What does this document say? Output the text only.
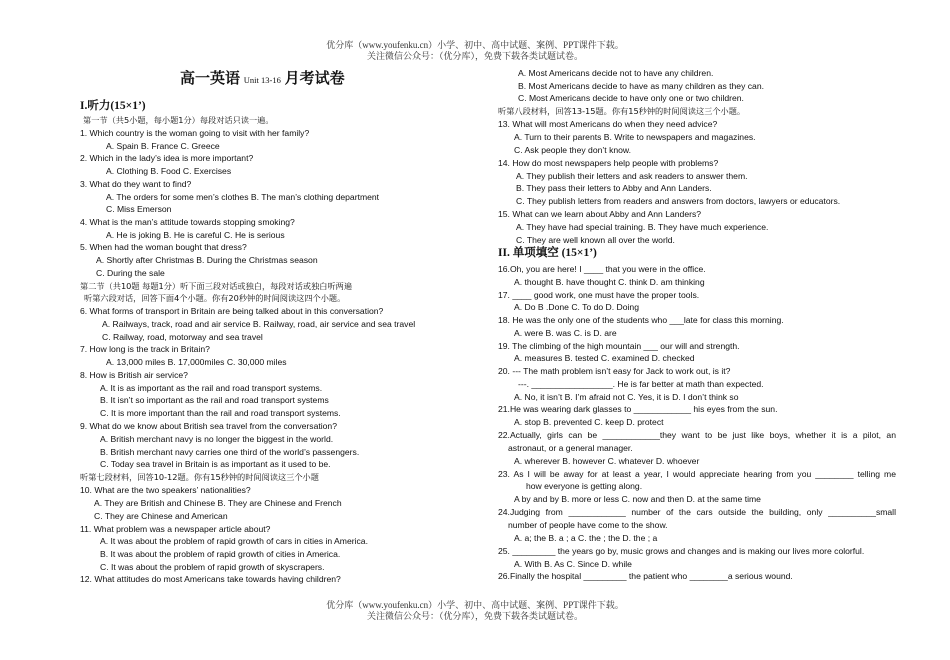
优分库（www.youfenku.cn）小学、初中、高中试题、案例、PPT课件下载。
关注微信公众号：（优分库），免费下载各类试题试卷。
高一英语 Unit 13-16 月考试卷
I.听力(15×1’)
第一节（共5小题，每小题1分）每段对话只读一遍。
1. Which country is the woman going to visit with her family?
A. Spain B. France C. Greece
2. Which in the lady’s idea is more important?
A. Clothing B. Food C. Exercises
3. What do they want to find?
A. The orders for some men’s clothes B. The man’s clothing department
C. Miss Emerson
4. What is the man’s attitude towards stopping smoking?
A. He is joking B. He is careful C. He is serious
5. When had the woman bought that dress?
A. Shortly after Christmas B. During the Christmas season
C. During the sale
第二节（共10题 每题1分）听下面三段对话或独白，每段对话或独白听两遍
听第六段对话，回答下面4个小题。你有20秒钟的时间阅读这四个小题。
6. What forms of transport in Britain are being talked about in this conversation?
A. Railways, track, road and air service B. Railway, road, air service and sea travel
C. Railway, road, motorway and sea travel
7. How long is the track in Britain?
A. 13,000 miles B. 17,000miles C. 30,000 miles
8. How is British air service?
A. It is as important as the rail and road transport systems.
B. It isn’t so important as the rail and road transport systems
C. It is more important than the rail and road transport systems.
9. What do we know about British sea travel from the conversation?
A. British merchant navy is no longer the biggest in the world.
B. British merchant navy carries one third of the world’s passengers.
C. Today sea travel in Britain is as important as it used to be.
听第七段材料，回答10-12题。你有15秒钟的时间阅读这三个小题
10. What are the two speakers’ nationalities?
A. They are British and Chinese B. They are Chinese and French
C. They are Chinese and American
11. What problem was a newspaper article about?
A. It was about the problem of rapid growth of cars in cities in America.
B. It was about the problem of rapid growth of cities in America.
C. It was about the problem of rapid growth of skyscrapers.
12. What attitudes do most Americans take towards having children?
A. Most Americans decide not to have any children.
B. Most Americans decide to have as many children as they can.
C. Most Americans decide to have only one or two children.
听第八段材料，回答13-15题。你有15秒钟的时间阅读这三个小题。
13. What will most Americans do when they need advice?
A. Turn to their parents B. Write to newspapers and magazines.
C. Ask people they don’t know.
14. How do most newspapers help people with problems?
A. They publish their letters and ask readers to answer them.
B. They pass their letters to Abby and Ann Landers.
C. They publish letters from readers and answers from doctors, lawyers or educators.
15. What can we learn about Abby and Ann Landers?
A. They have had special training. B. They have much experience.
C. They are well known all over the world.
II. 单项填空 (15×1’)
16.Oh, you are here! I ____ that you were in the office.
A. thought B. have thought C. think D. am thinking
17. ____ good work, one must have the proper tools.
A. Do B .Done C. To do D. Doing
18. He was the only one of the students who ___late for class this morning.
A. were B. was C. is D. are
19. The climbing of the high mountain ___ our will and strength.
A. measures B. tested C. examined D. checked
20. --- The math problem isn’t easy for Jack to work out, is it?
---. _________________. He is far better at math than expected.
A. No, it isn’t B. I’m afraid not C. Yes, it is D. I don’t think so
21.He was wearing dark glasses to ____________ his eyes from the sun.
A. stop B. prevented C. keep D. protect
22.Actually, girls can be ____________they want to be just like boys, whether it is a pilot, an
astronaut, or a general manager.
A. wherever B. however C. whatever D. whoever
23. As I will be away for at least a year, I would appreciate hearing from you ________ telling me
how everyone is getting along.
A by and by B. more or less C. now and then D. at the same time
24.Judging from ____________ number of the cars outside the building, only __________small
number of people have come to the show.
A. a; the B. a ; a C. the ; the D. the ; a
25. _________ the years go by, music grows and changes and is making our lives more colorful.
A. With B. As C. Since D. while
26.Finally the hospital _________ the patient who ________a serious wound.
优分库（www.youfenku.cn）小学、初中、高中试题、案例、PPT课件下载。
关注微信公众号：（优分库），免费下载各类试题试卷。
